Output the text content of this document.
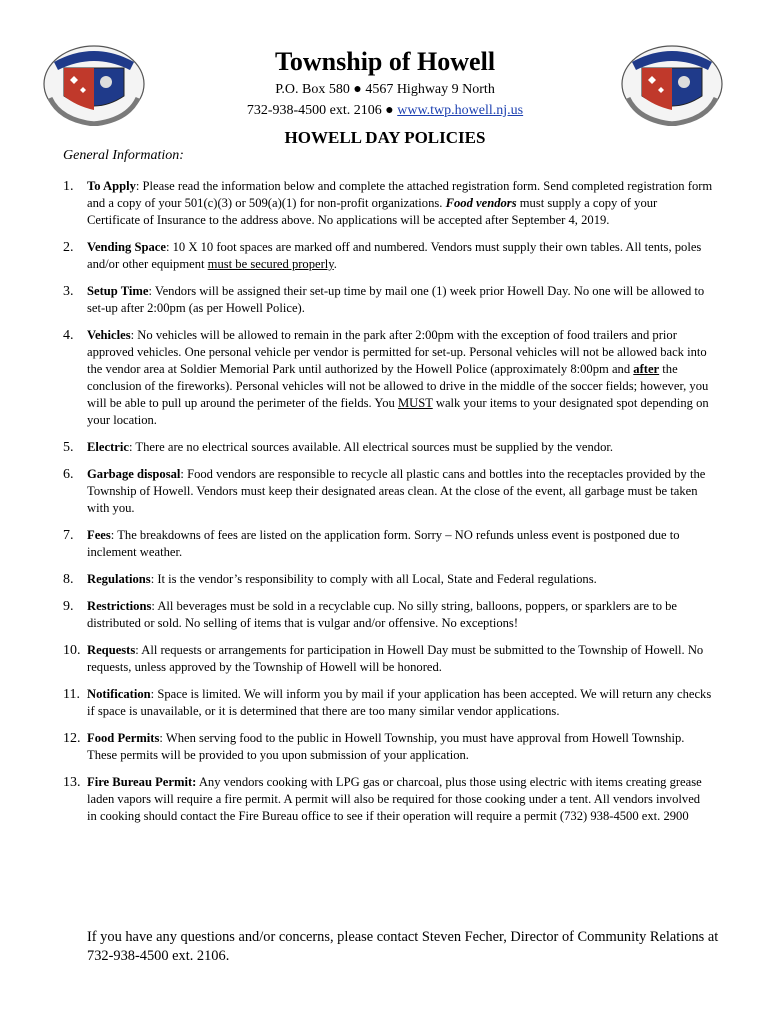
Township of Howell
P.O. Box 580 ● 4567 Highway 9 North
732-938-4500 ext. 2106 ● www.twp.howell.nj.us
HOWELL DAY POLICIES
General Information:
1. To Apply: Please read the information below and complete the attached registration form. Send completed registration form and a copy of your 501(c)(3) or 509(a)(1) for non-profit organizations. Food vendors must supply a copy of your Certificate of Insurance to the address above. No applications will be accepted after September 4, 2019.
2. Vending Space: 10 X 10 foot spaces are marked off and numbered. Vendors must supply their own tables. All tents, poles and/or other equipment must be secured properly.
3. Setup Time: Vendors will be assigned their set-up time by mail one (1) week prior Howell Day. No one will be allowed to set-up after 2:00pm (as per Howell Police).
4. Vehicles: No vehicles will be allowed to remain in the park after 2:00pm with the exception of food trailers and prior approved vehicles. One personal vehicle per vendor is permitted for set-up. Personal vehicles will not be allowed back into the vendor area at Soldier Memorial Park until authorized by the Howell Police (approximately 8:00pm and after the conclusion of the fireworks). Personal vehicles will not be allowed to drive in the middle of the soccer fields; however, you will be able to pull up around the perimeter of the fields. You MUST walk your items to your designated spot depending on your location.
5. Electric: There are no electrical sources available. All electrical sources must be supplied by the vendor.
6. Garbage disposal: Food vendors are responsible to recycle all plastic cans and bottles into the receptacles provided by the Township of Howell. Vendors must keep their designated areas clean. At the close of the event, all garbage must be taken with you.
7. Fees: The breakdowns of fees are listed on the application form. Sorry – NO refunds unless event is postponed due to inclement weather.
8. Regulations: It is the vendor’s responsibility to comply with all Local, State and Federal regulations.
9. Restrictions: All beverages must be sold in a recyclable cup. No silly string, balloons, poppers, or sparklers are to be distributed or sold. No selling of items that is vulgar and/or offensive. No exceptions!
10. Requests: All requests or arrangements for participation in Howell Day must be submitted to the Township of Howell. No requests, unless approved by the Township of Howell will be honored.
11. Notification: Space is limited. We will inform you by mail if your application has been accepted. We will return any checks if space is unavailable, or it is determined that there are too many similar vendor applications.
12. Food Permits: When serving food to the public in Howell Township, you must have approval from Howell Township. These permits will be provided to you upon submission of your application.
13. Fire Bureau Permit: Any vendors cooking with LPG gas or charcoal, plus those using electric with items creating grease laden vapors will require a fire permit. A permit will also be required for those cooking under a tent. All vendors involved in cooking should contact the Fire Bureau office to see if their operation will require a permit (732) 938-4500 ext. 2900
If you have any questions and/or concerns, please contact Steven Fecher, Director of Community Relations at 732-938-4500 ext. 2106.
